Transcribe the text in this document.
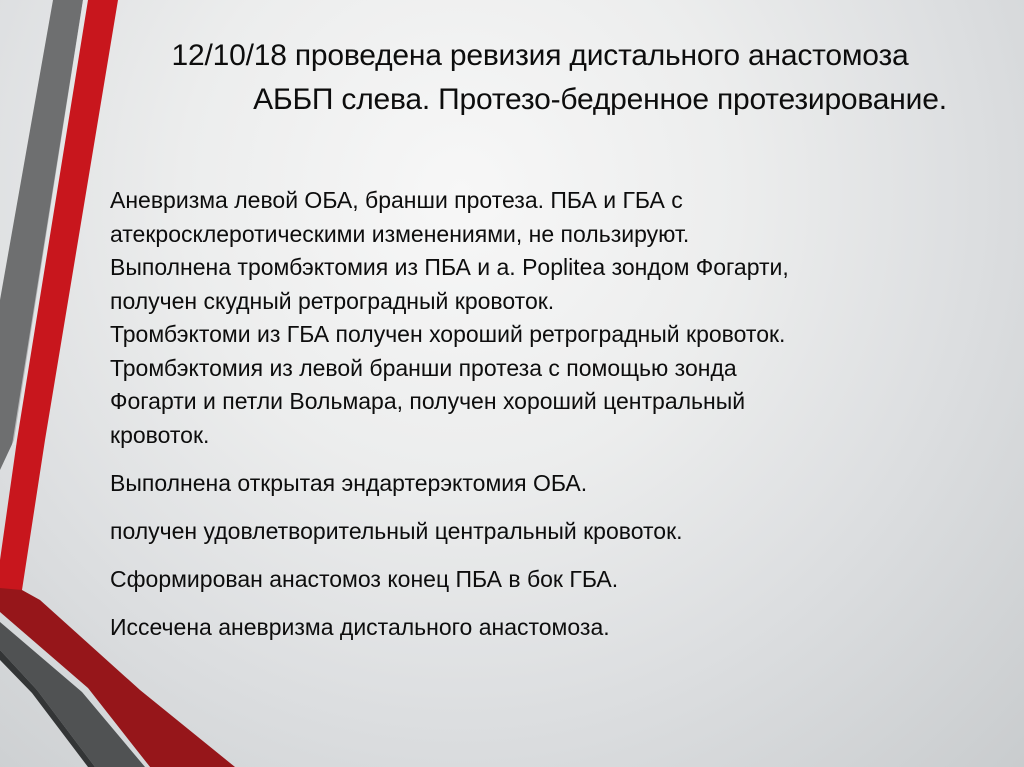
12/10/18 проведена ревизия дистального анастомоза
АББП слева. Протезо-бедренное протезирование.

Аневризма левой ОБА, бранши протеза. ПБА и ГБА с

атекросклеротическими изменениями, не пользируют.

Выполнена тромбэктомия из ПБА и а. Poplitea зондом Фогарти,

получен скудный ретроградный кровоток.

Тромбэктоми из ГБА получен хороший ретроградный кровоток.

Тромбэктомия из левой бранши протеза с помощью зонда

Фогарти и петли Вольмара, получен хороший центральный

кровоток.

Выполнена открытая эндартерэктомия ОБА.

получен удовлетворительный центральный кровоток.

Сформирован анастомоз конец ПБА в бок ГБА.

Иссечена аневризма дистального анастомоза.
